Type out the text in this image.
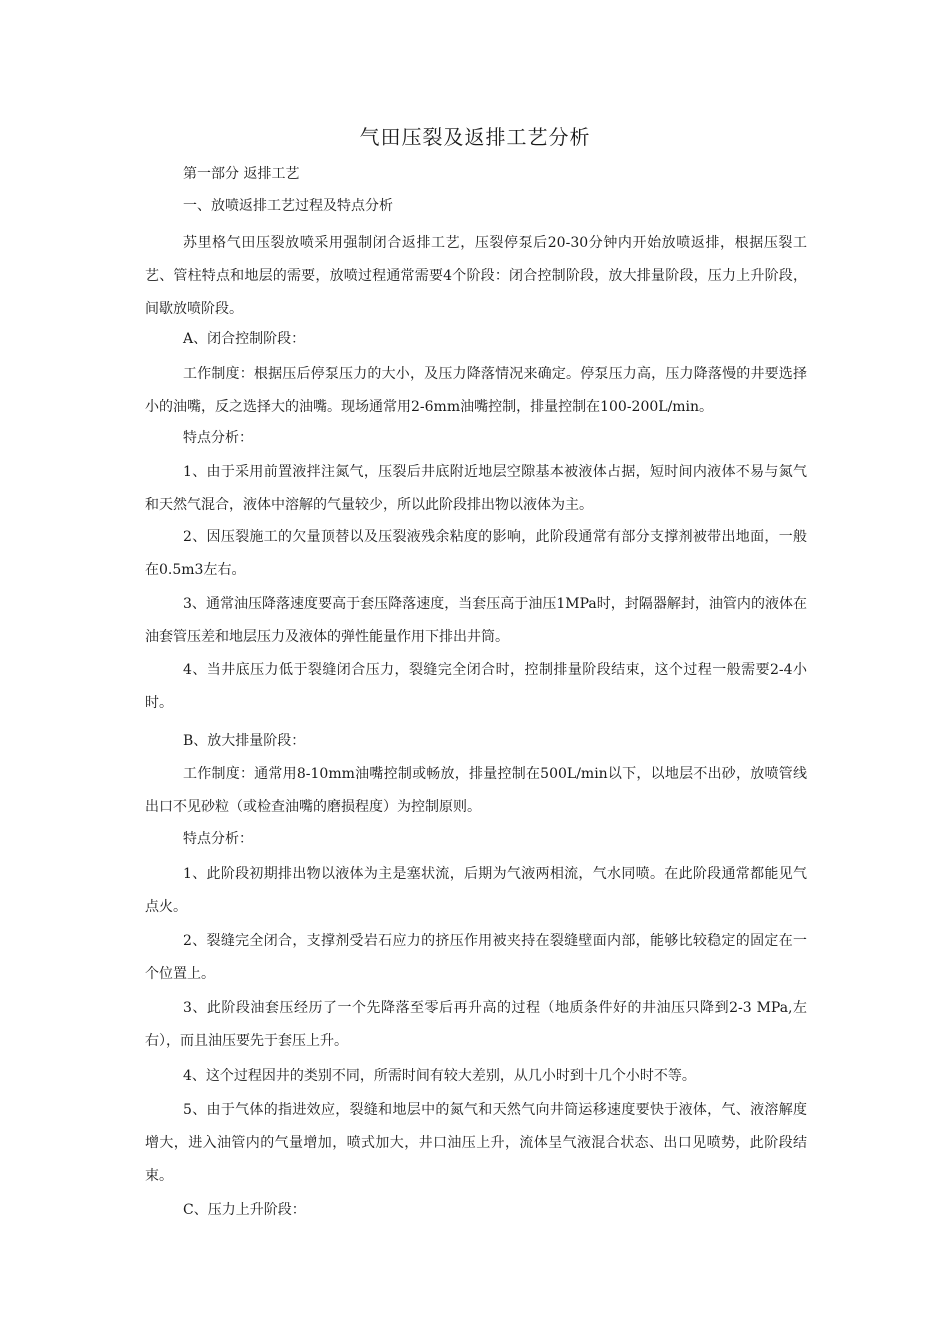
气田压裂及返排工艺分析
第一部分 返排工艺
一、放喷返排工艺过程及特点分析
苏里格气田压裂放喷采用强制闭合返排工艺，压裂停泵后20-30分钟内开始放喷返排，根据压裂工艺、管柱特点和地层的需要，放喷过程通常需要4个阶段：闭合控制阶段，放大排量阶段，压力上升阶段，间歇放喷阶段。
A、闭合控制阶段：
工作制度：根据压后停泵压力的大小，及压力降落情况来确定。停泵压力高，压力降落慢的井要选择小的油嘴，反之选择大的油嘴。现场通常用2-6mm油嘴控制，排量控制在100-200L/min。
特点分析：
1、由于采用前置液拌注氮气，压裂后井底附近地层空隙基本被液体占据，短时间内液体不易与氮气和天然气混合，液体中溶解的气量较少，所以此阶段排出物以液体为主。
2、因压裂施工的欠量顶替以及压裂液残余粘度的影响，此阶段通常有部分支撑剂被带出地面，一般在0.5m3左右。
3、通常油压降落速度要高于套压降落速度，当套压高于油压1MPa时，封隔器解封，油管内的液体在油套管压差和地层压力及液体的弹性能量作用下排出井筒。
4、当井底压力低于裂缝闭合压力，裂缝完全闭合时，控制排量阶段结束，这个过程一般需要2-4小时。
B、放大排量阶段：
工作制度：通常用8-10mm油嘴控制或畅放，排量控制在500L/min以下，以地层不出砂，放喷管线出口不见砂粒（或检查油嘴的磨损程度）为控制原则。
特点分析：
1、此阶段初期排出物以液体为主是塞状流，后期为气液两相流，气水同喷。在此阶段通常都能见气点火。
2、裂缝完全闭合，支撑剂受岩石应力的挤压作用被夹持在裂缝壁面内部，能够比较稳定的固定在一个位置上。
3、此阶段油套压经历了一个先降落至零后再升高的过程（地质条件好的井油压只降到2-3 MPa,左右），而且油压要先于套压上升。
4、这个过程因井的类别不同，所需时间有较大差别，从几小时到十几个小时不等。
5、由于气体的指进效应，裂缝和地层中的氮气和天然气向井筒运移速度要快于液体，气、液溶解度增大，进入油管内的气量增加，喷式加大，井口油压上升，流体呈气液混合状态、出口见喷势，此阶段结束。
C、压力上升阶段：
